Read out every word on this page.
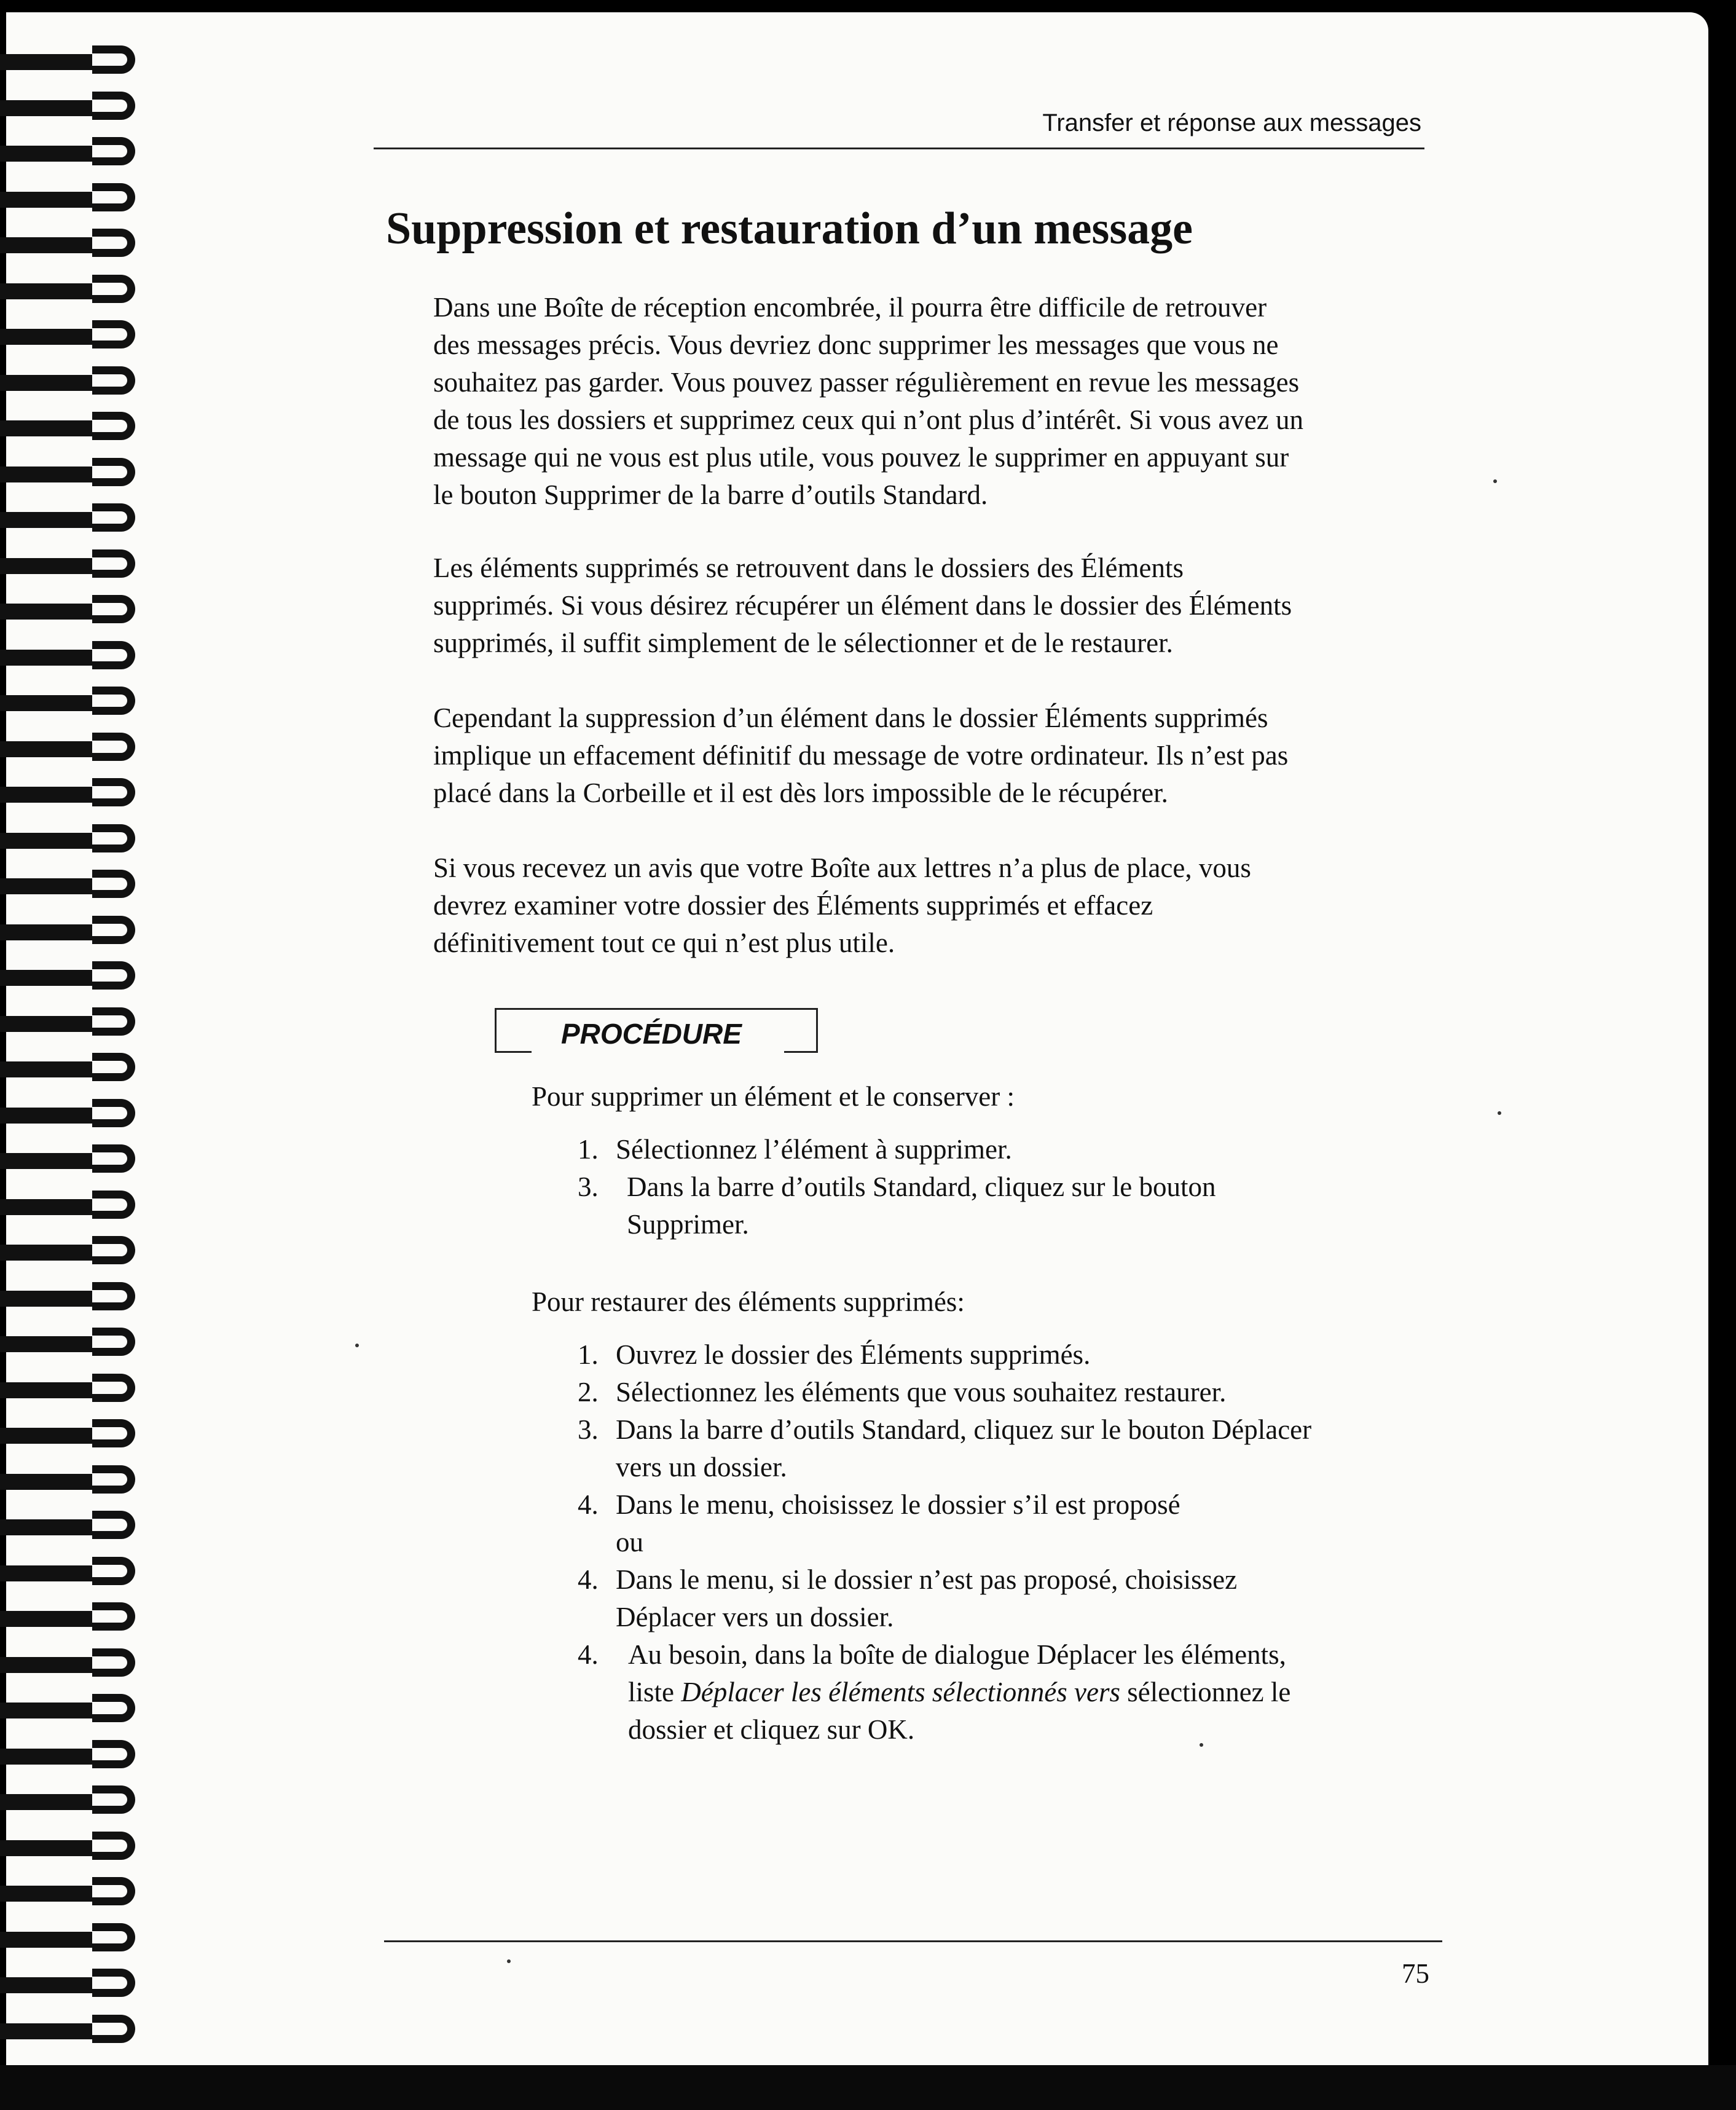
Transfer et réponse aux messages
Suppression et restauration d’un message
Dans une Boîte de réception encombrée, il pourra être difficile de retrouver
des messages précis. Vous devriez donc supprimer les messages que vous ne
souhaitez pas garder. Vous pouvez passer régulièrement en revue les messages
de tous les dossiers et supprimez ceux qui n’ont plus d’intérêt. Si vous avez un
message qui ne vous est plus utile, vous pouvez le supprimer en appuyant sur
le bouton Supprimer de la barre d’outils Standard.
Les éléments supprimés se retrouvent dans le dossiers des Éléments
supprimés. Si vous désirez récupérer un élément dans le dossier des Éléments
supprimés, il suffit simplement de le sélectionner et de le restaurer.
Cependant la suppression d’un élément dans le dossier Éléments supprimés
implique un effacement définitif du message de votre ordinateur. Ils n’est pas
placé dans la Corbeille et il est dès lors impossible de le récupérer.
Si vous recevez un avis que votre Boîte aux lettres n’a plus de place, vous
devrez examiner votre dossier des Éléments supprimés et effacez
définitivement tout ce qui n’est plus utile.
PROCÉDURE

Pour supprimer un élément et le conserver :

1. Sélectionnez l’élément à supprimer.
3. Dans la barre d’outils Standard, cliquez sur le bouton
Supprimer.

Pour restaurer des éléments supprimés:

1. Ouvrez le dossier des Éléments supprimés.
2. Sélectionnez les éléments que vous souhaitez restaurer.
3. Dans la barre d’outils Standard, cliquez sur le bouton Déplacer
vers un dossier.
4. Dans le menu, choisissez le dossier s’il est proposé
ou
4. Dans le menu, si le dossier n’est pas proposé, choisissez
Déplacer vers un dossier.
4. Au besoin, dans la boîte de dialogue Déplacer les éléments,
liste Déplacer les éléments sélectionnés vers sélectionnez le
dossier et cliquez sur OK.
75
